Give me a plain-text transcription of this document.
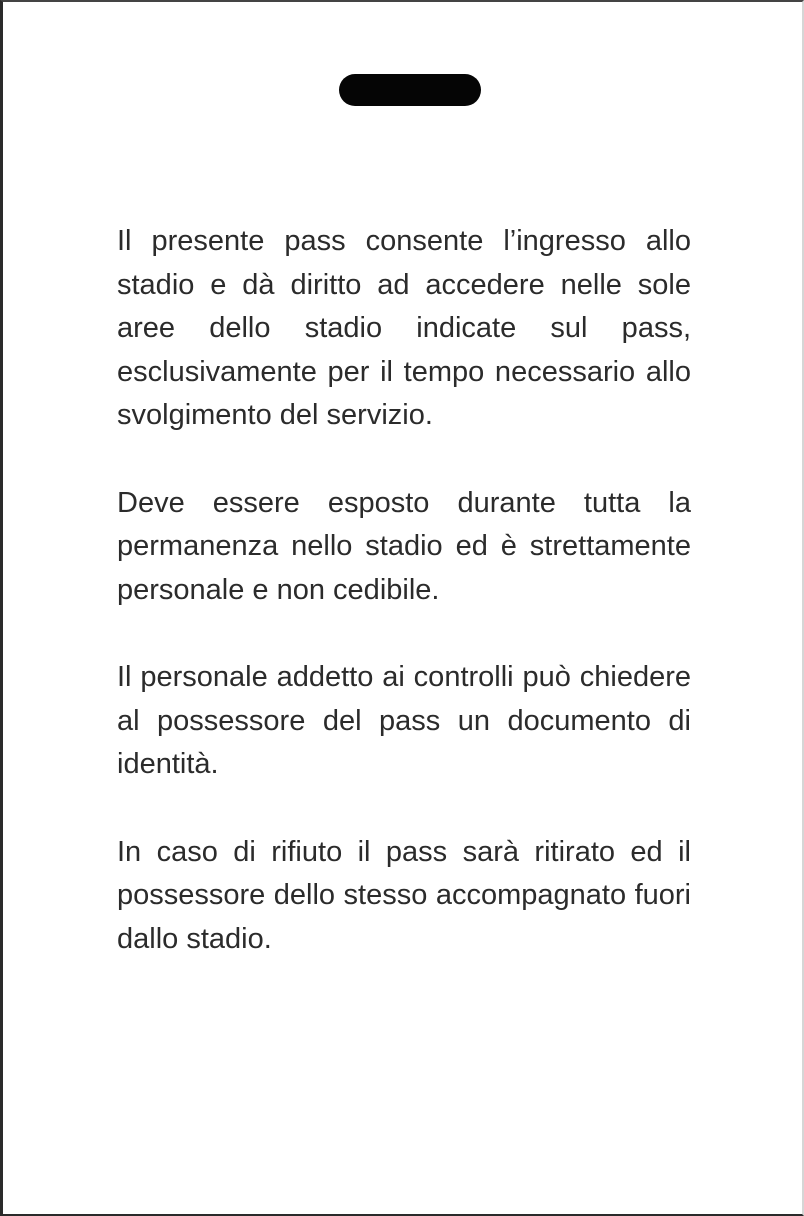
Il presente pass consente l’ingresso allo stadio e dà diritto ad accedere nelle sole aree dello stadio indicate sul pass, esclusivamente per il tempo necessario allo svolgimento del servizio.

Deve essere esposto durante tutta la permanenza nello stadio ed è strettamente personale e non cedibile.

Il personale addetto ai controlli può chiedere al possessore del pass un documento di identità.

In caso di rifiuto il pass sarà ritirato ed il possessore dello stesso accompagnato fuori dallo stadio.
